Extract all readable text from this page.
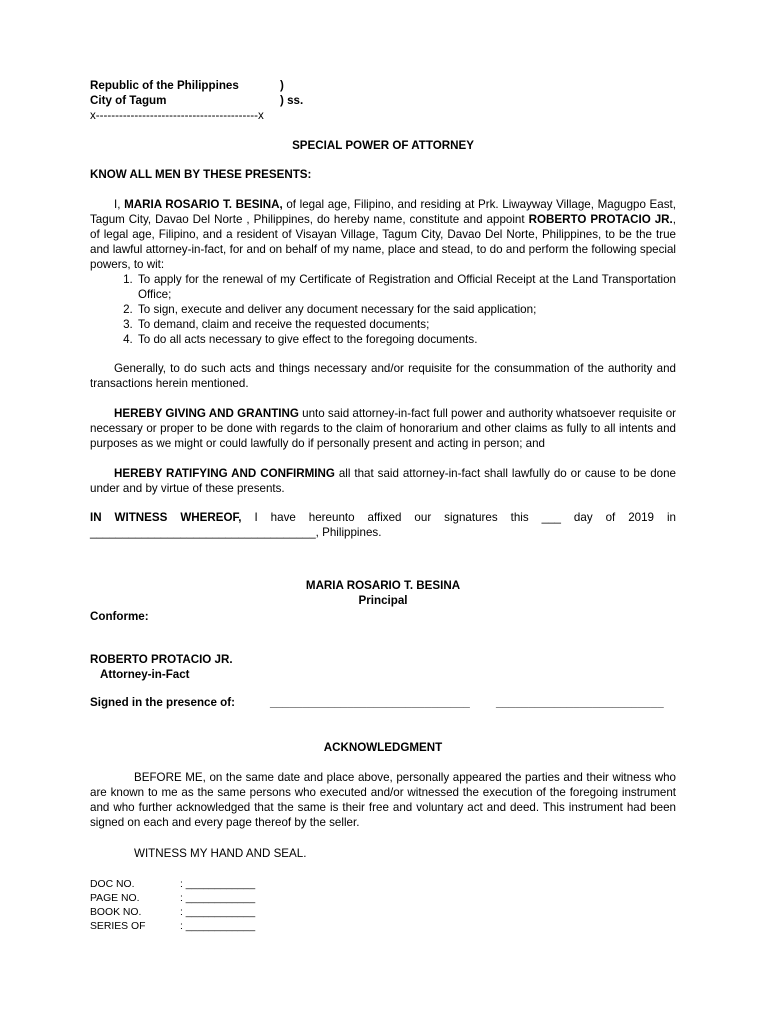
Republic of the Philippines	)
City of Tagum	) ss.
x------------------------------------------x

SPECIAL POWER OF ATTORNEY

KNOW ALL MEN BY THESE PRESENTS:

I, MARIA ROSARIO T. BESINA, of legal age, Filipino, and residing at Prk. Liwayway Village, Magugpo East, Tagum City, Davao Del Norte , Philippines, do hereby name, constitute and appoint ROBERTO PROTACIO JR., of legal age, Filipino, and a resident of Visayan Village, Tagum City, Davao Del Norte, Philippines, to be the true and lawful attorney-in-fact, for and on behalf of my name, place and stead, to do and perform the following special powers, to wit:

1. To apply for the renewal of my Certificate of Registration and Official Receipt at the Land Transportation Office;
2. To sign, execute and deliver any document necessary for the said application;
3. To demand, claim and receive the requested documents;
4. To do all acts necessary to give effect to the foregoing documents.

Generally, to do such acts and things necessary and/or requisite for the consummation of the authority and transactions herein mentioned.

HEREBY GIVING AND GRANTING unto said attorney-in-fact full power and authority whatsoever requisite or necessary or proper to be done with regards to the claim of honorarium and other claims as fully to all intents and purposes as we might or could lawfully do if personally present and acting in person; and

HEREBY RATIFYING AND CONFIRMING all that said attorney-in-fact shall lawfully do or cause to be done under and by virtue of these presents.

IN WITNESS WHEREOF, I have hereunto affixed our signatures this ___ day of 2019 in ___________________________________, Philippines.

MARIA ROSARIO T. BESINA
Principal
Conforme:
ROBERTO PROTACIO JR.
Attorney-in-Fact
Signed in the presence of:	_______________________________	__________________________

ACKNOWLEDGMENT

BEFORE ME, on the same date and place above, personally appeared the parties and their witness who are known to me as the same persons who executed and/or witnessed the execution of the foregoing instrument and who further acknowledged that the same is their free and voluntary act and deed. This instrument had been signed on each and every page thereof by the seller.

WITNESS MY HAND AND SEAL.

DOC NO.	: ____________
PAGE NO.	: ____________
BOOK NO.	: ____________
SERIES OF	: ____________
